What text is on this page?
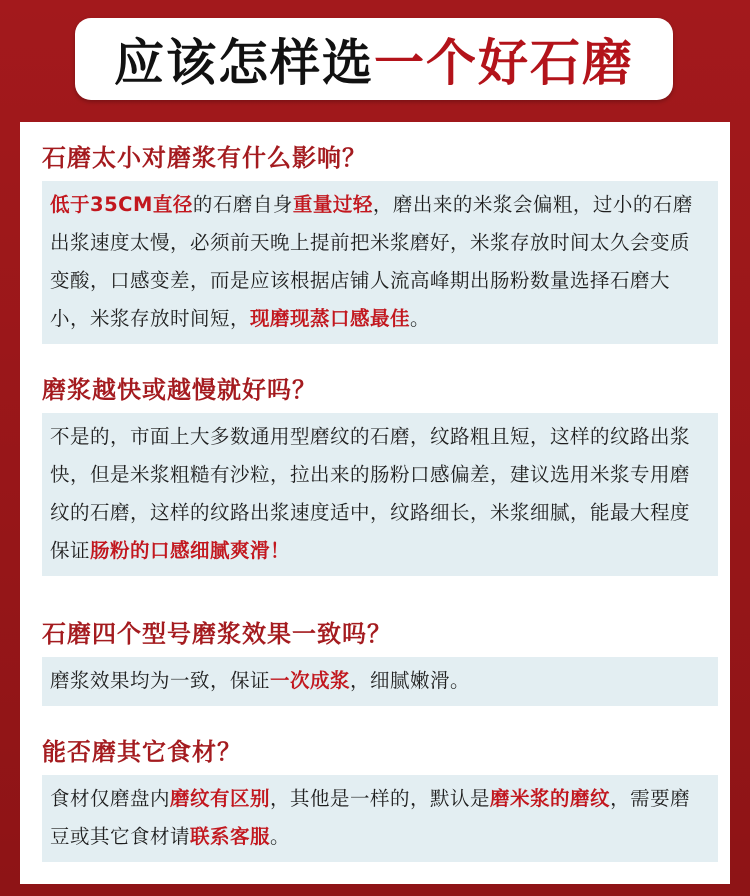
应该怎样选 一个好石磨
石磨太小对磨浆有什么影响？
低于35CM直径的石磨自身重量过轻，磨出来的米浆会偏粗，过小的石磨出浆速度太慢，必须前天晚上提前把米浆磨好，米浆存放时间太久会变质变酸，口感变差，而是应该根据店铺人流高峰期出肠粉数量选择石磨大小，米浆存放时间短，现磨现蒸口感最佳。
磨浆越快或越慢就好吗？
不是的，市面上大多数通用型磨纹的石磨，纹路粗且短，这样的纹路出浆快，但是米浆粗糙有沙粒，拉出来的肠粉口感偏差，建议选用米浆专用磨纹的石磨，这样的纹路出浆速度适中，纹路细长，米浆细腻，能最大程度保证肠粉的口感细腻爽滑！
石磨四个型号磨浆效果一致吗？
磨浆效果均为一致，保证一次成浆，细腻嫩滑。
能否磨其它食材？
食材仅磨盘内磨纹有区别，其他是一样的，默认是磨米浆的磨纹，需要磨豆或其它食材请联系客服。
